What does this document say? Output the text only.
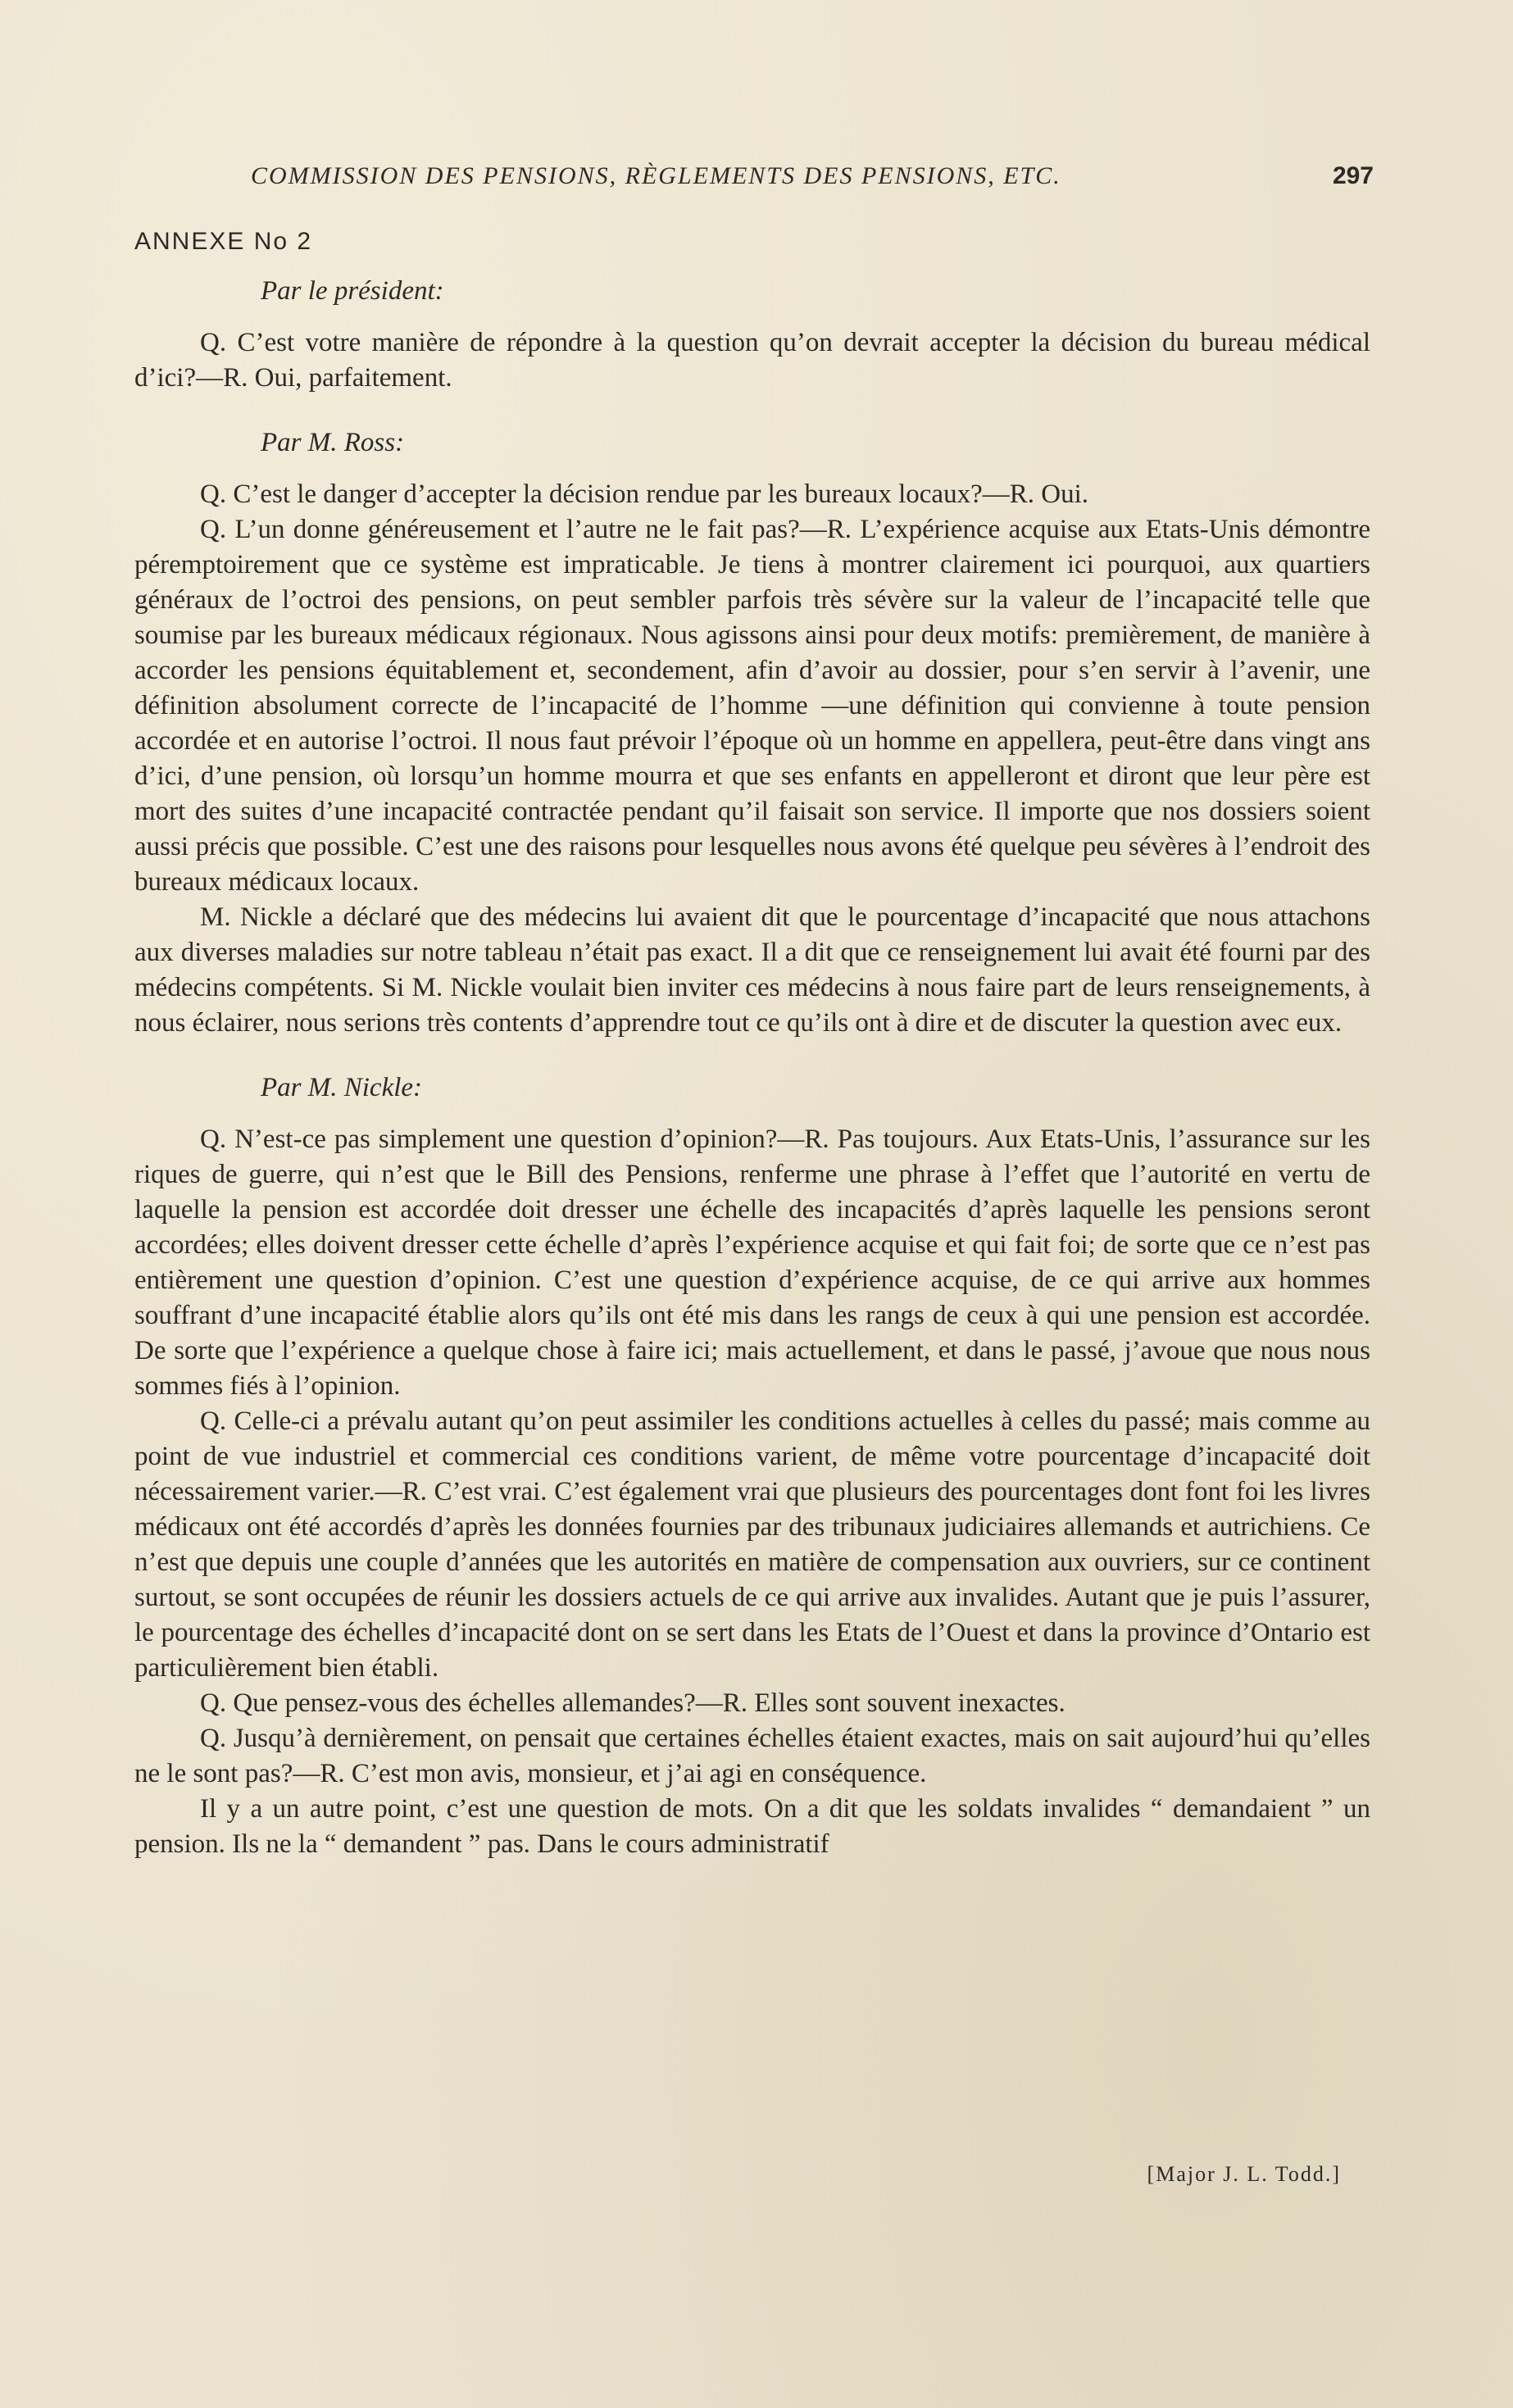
COMMISSION DES PENSIONS, RÈGLEMENTS DES PENSIONS, ETC.	297
ANNEXE No 2

Par le président:

Q. C’est votre manière de répondre à la question qu’on devrait accepter la décision du bureau médical d’ici?—R. Oui, parfaitement.

Par M. Ross:

Q. C’est le danger d’accepter la décision rendue par les bureaux locaux?—R. Oui.

Q. L’un donne généreusement et l’autre ne le fait pas?—R. L’expérience acquise aux Etats-Unis démontre péremptoirement que ce système est impraticable. Je tiens à montrer clairement ici pourquoi, aux quartiers généraux de l’octroi des pensions, on peut sembler parfois très sévère sur la valeur de l’incapacité telle que soumise par les bureaux médicaux régionaux. Nous agissons ainsi pour deux motifs: premièrement, de manière à accorder les pensions équitablement et, secondement, afin d’avoir au dossier, pour s’en servir à l’avenir, une définition absolument correcte de l’incapacité de l’homme —une définition qui convienne à toute pension accordée et en autorise l’octroi. Il nous faut prévoir l’époque où un homme en appellera, peut-être dans vingt ans d’ici, d’une pension, où lorsqu’un homme mourra et que ses enfants en appelleront et diront que leur père est mort des suites d’une incapacité contractée pendant qu’il faisait son service. Il importe que nos dossiers soient aussi précis que possible. C’est une des raisons pour lesquelles nous avons été quelque peu sévères à l’endroit des bureaux médicaux locaux.

M. Nickle a déclaré que des médecins lui avaient dit que le pourcentage d’incapacité que nous attachons aux diverses maladies sur notre tableau n’était pas exact. Il a dit que ce renseignement lui avait été fourni par des médecins compétents. Si M. Nickle voulait bien inviter ces médecins à nous faire part de leurs renseignements, à nous éclairer, nous serions très contents d’apprendre tout ce qu’ils ont à dire et de discuter la question avec eux.

Par M. Nickle:

Q. N’est-ce pas simplement une question d’opinion?—R. Pas toujours. Aux Etats-Unis, l’assurance sur les riques de guerre, qui n’est que le Bill des Pensions, renferme une phrase à l’effet que l’autorité en vertu de laquelle la pension est accordée doit dresser une échelle des incapacités d’après laquelle les pensions seront accordées; elles doivent dresser cette échelle d’après l’expérience acquise et qui fait foi; de sorte que ce n’est pas entièrement une question d’opinion. C’est une question d’expérience acquise, de ce qui arrive aux hommes souffrant d’une incapacité établie alors qu’ils ont été mis dans les rangs de ceux à qui une pension est accordée. De sorte que l’expérience a quelque chose à faire ici; mais actuellement, et dans le passé, j’avoue que nous nous sommes fiés à l’opinion.

Q. Celle-ci a prévalu autant qu’on peut assimiler les conditions actuelles à celles du passé; mais comme au point de vue industriel et commercial ces conditions varient, de même votre pourcentage d’incapacité doit nécessairement varier.—R. C’est vrai. C’est également vrai que plusieurs des pourcentages dont font foi les livres médicaux ont été accordés d’après les données fournies par des tribunaux judiciaires allemands et autrichiens. Ce n’est que depuis une couple d’années que les autorités en matière de compensation aux ouvriers, sur ce continent surtout, se sont occupées de réunir les dossiers actuels de ce qui arrive aux invalides. Autant que je puis l’assurer, le pourcentage des échelles d’incapacité dont on se sert dans les Etats de l’Ouest et dans la province d’Ontario est particulièrement bien établi.

Q. Que pensez-vous des échelles allemandes?—R. Elles sont souvent inexactes.

Q. Jusqu’à dernièrement, on pensait que certaines échelles étaient exactes, mais on sait aujourd’hui qu’elles ne le sont pas?—R. C’est mon avis, monsieur, et j’ai agi en conséquence.

Il y a un autre point, c’est une question de mots. On a dit que les soldats invalides “ demandaient ” un pension. Ils ne la “ demandent ” pas. Dans le cours administratif

[Major J. L. Todd.]
